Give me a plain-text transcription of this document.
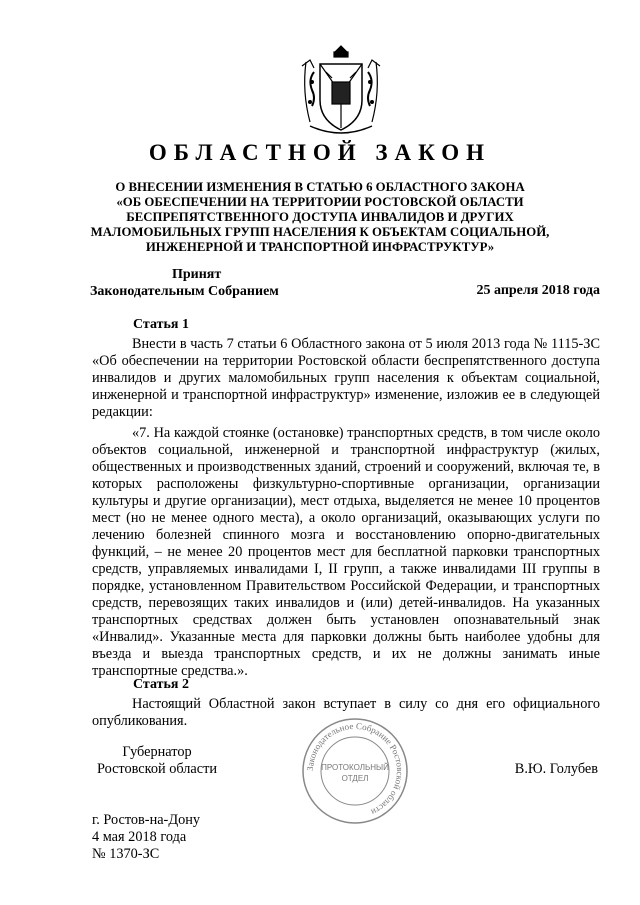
ОБЛАСТНОЙ ЗАКОН
О ВНЕСЕНИИ ИЗМЕНЕНИЯ В СТАТЬЮ 6 ОБЛАСТНОГО ЗАКОНА
«ОБ ОБЕСПЕЧЕНИИ НА ТЕРРИТОРИИ РОСТОВСКОЙ ОБЛАСТИ
БЕСПРЕПЯТСТВЕННОГО ДОСТУПА ИНВАЛИДОВ И ДРУГИХ
МАЛОМОБИЛЬНЫХ ГРУПП НАСЕЛЕНИЯ К ОБЪЕКТАМ СОЦИАЛЬНОЙ,
ИНЖЕНЕРНОЙ И ТРАНСПОРТНОЙ ИНФРАСТРУКТУР»
Принят
Законодательным Собранием	25 апреля 2018 года
Статья 1

Внести в часть 7 статьи 6 Областного закона от 5 июля 2013 года № 1115-ЗС «Об обеспечении на территории Ростовской области беспрепятственного доступа инвалидов и других маломобильных групп населения к объектам социальной, инженерной и транспортной инфраструктур» изменение, изложив ее в следующей редакции:

«7. На каждой стоянке (остановке) транспортных средств, в том числе около объектов социальной, инженерной и транспортной инфраструктур (жилых, общественных и производственных зданий, строений и сооружений, включая те, в которых расположены физкультурно-спортивные организации, организации культуры и другие организации), мест отдыха, выделяется не менее 10 процентов мест (но не менее одного места), а около организаций, оказывающих услуги по лечению болезней спинного мозга и восстановлению опорно-двигательных функций, – не менее 20 процентов мест для бесплатной парковки транспортных средств, управляемых инвалидами I, II групп, а также инвалидами III группы в порядке, установленном Правительством Российской Федерации, и транспортных средств, перевозящих таких инвалидов и (или) детей-инвалидов. На указанных транспортных средствах должен быть установлен опознавательный знак «Инвалид». Указанные места для парковки должны быть наиболее удобны для въезда и выезда транспортных средств, и их не должны занимать иные транспортные средства.».

Статья 2

Настоящий Областной закон вступает в силу со дня его официального опубликования.

Губернатор
Ростовской области	Законодательное Собрание Ростовской области
ПРОТОКОЛЬНЫЙ
ОТДЕЛ
В.Ю. Голубев
г. Ростов-на-Дону
4 мая 2018 года
№ 1370-ЗС
